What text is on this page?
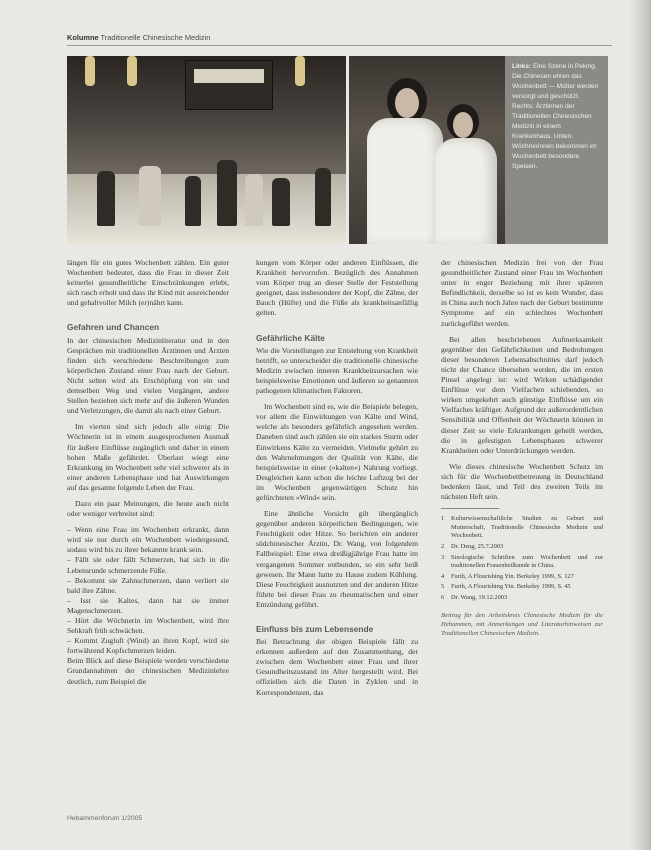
Kolumne Traditionelle Chinesische Medizin

Links: Eine Szene in Peking. Die Chinesen ehren das Wochenbett — Mütter werden versorgt und geschützt. Rechts: Ärztinnen der Traditionellen Chinesischen Medizin in einem Krankenhaus. Unten: Wöchnerinnen bekommen im Wochenbett besondere Speisen.

längen für ein gutes Wochenbett zählen. Ein guter Wochenbett bedeutet, dass die Frau in dieser Zeit keinerlei gesundheitliche Einschränkungen erlebt, sich rasch erholt und dass ihr Kind mit ausreichender und gehaltvoller Milch (er)nährt kann.

Gefahren und Chancen

In der chinesischen Medizinliteratur und in den Gesprächen mit traditionellen Ärztinnen und Ärzten finden sich verschiedene Beschreibungen zum körperlichen Zustand einer Frau nach der Geburt. Nicht selten wird als Erschöpfung von ein und demselben Weg und vielen Vorgängen, andere Stellen beziehen sich mehr auf die äußeren Wunden und Verletzungen, die damit als nach einer Geburt.

Im vierten sind sich jedoch alle einig: Die Wöchnerin ist in einem ausgesprochenen Ausmaß für äußere Einflüsse zugänglich und daher in einem hohen Maße gefährdet. Überlast wiegt eine Erkrankung im Wochenbett sehr viel schwerer als in einer anderen Lebensphase und hat Auswirkungen auf das gesamte folgende Leben der Frau.

Dazu ein paar Meinungen, die heute auch nicht oder weniger verbreitet sind:

– Wenn eine Frau im Wochenbett erkrankt, dann wird sie nur durch ein Wochenbett wiedergesund, sodass wird bis zu ihrer bekannte krank sein.
– Fällt sie oder fällt Schmerzen, hat sich in die Lebensrunde schmerzende Füße.
– Bekommt sie Zahnschmerzen, dann verliert sie bald ihre Zähne.
– Isst sie Kaltes, dann hat sie immer Magenschmerzen.
– Hört die Wöchnerin im Wochenbett, wird ihre Sehkraft früh schwächen.
– Kommt Zugluft (Wind) an ihren Kopf, wird sie fortwährend Kopfschmerzen leiden.

Beim Blick auf diese Beispiele werden verschiedene Grundannahmen der chinesischen Medizinlehre deutlich, zum Beispiel die

kungen vom Körper oder anderen Einflüssen, die Krankheit hervorrufen. Bezüglich des Annahmen vom Körper trug an dieser Stelle der Feststellung geeignet, dass insbesondere der Kopf, die Zähne, der Bauch (Hüfte) und die Füße als krankheitsanfällig gelten.

Gefährliche Kälte

Wie die Vorstellungen zur Entstehung von Krankheit betrifft, so unterscheidet die traditionelle chinesische Medizin zwischen inneren Krankheitsursachen wie beispielsweise Emotionen und äußeren so genannten pathogenen klimatischen Faktoren.

Im Wochenbett sind es, wie die Beispiele belegen, vor allem die Einwirkungen von Kälte und Wind, welche als besonders gefährlich angesehen werden. Daneben sind auch zählen sie ein starkes Sturm oder Einwirkens Kälte zu vermeiden. Vielmehr gehört zu den Wahrnehmungen der Qualität von Kälte, die beispielsweise in einer (»kalten«) Nahrung vorliegt. Desgleichen kann schon die leichte Luftzug bei der im Wochenbett gegenwärtigen Schutz hin gefürchteten »Wind« sein.

Eine ähnliche Vorsicht gilt übergänglich gegenüber anderen körperlichen Bedingungen, wie Feuchtigkeit oder Hitze. So berichten ein anderer südchinesischer Ärztin, Dr. Wang, von folgendem Fallbeispiel: Eine etwa dreißigjährige Frau hatte im vergangenen Sommer entbunden, so ein sehr heiß gewesen. Ihr Mann hatte zu Hause zudem Kühlung. Diese Feuchtigkeit ausnutzten und der anderen Hitze führte bei dieser Frau zu rheumatischen und einer Entzündung geführt.

Einfluss bis zum Lebensende

Bei Betrachtung der obigen Beispiele fällt zu erkennen außerdem auf den Zusammenhang, der zwischen dem Wochenbett einer Frau und ihrer Gesundheitszustand im Alter hergestellt wird. Bei offiziellen sich die Daten in Zyklen und in Korrespondenzen, das

der chinesischen Medizin frei von der Frau gesundheitlicher Zustand einer Frau im Wochenbett unter in enger Beziehung mit ihrer späteren Befindlichkeit, derselbe so ist es kein Wunder, dass in China auch noch Jahre nach der Geburt bestimmte Symptome auf ein schlechtes Wochenbett zurückgeführt werden.

Bei allen beschriebenen Aufmerksamkeit gegenüber den Gefährlichkeiten und Bedrohungen dieser besonderen Lebensabschnittes darf jedoch nicht der Chance übersehen werden, die im ersten Pinsel angelegt ist: wird Wirken schädigender Einflüsse vor dem Vielfachen schiebenden, so wirken umgekehrt auch günstige Einflüsse um ein Vielfaches kräftiger. Aufgrund der außerordentlichen Sensibilität und Offenheit der Wöchnerin können in dieser Zeit so viele Erkrankungen geheilt werden, die in gefestigten Lebensphasen schwerer Krankheiten oder Unterdrückungen werden.

Wie dieses chinesische Wochenbett Schutz im sich für die Wochenbettbetreuung in Deutschland bedenken lässt, und Teil des zweiten Teils im nächsten Heft sein.

1	Kulturwissenschaftliche Studien zu Geburt und Mutterschaft, Traditionelle Chinesische Medizin und Wochenbett.
2	Dr. Deng, 25.7.2003
3	Sinologische Schriften zum Wochenbett und zur traditionellen Frauenheilkunde in China.
4	Furth, A Flourishing Yin. Berkeley 1999, S. 127
5	Furth, A Flourishing Yin. Berkeley 1999, S. 45
6	Dr. Wang, 19.12.2003
Beitrag für den Arbeitskreis Chinesische Medizin für die Hebammen, mit Anmerkungen und Literaturhinweisen zur Traditionellen Chinesischen Medizin.
Hebammenforum 1/2005
